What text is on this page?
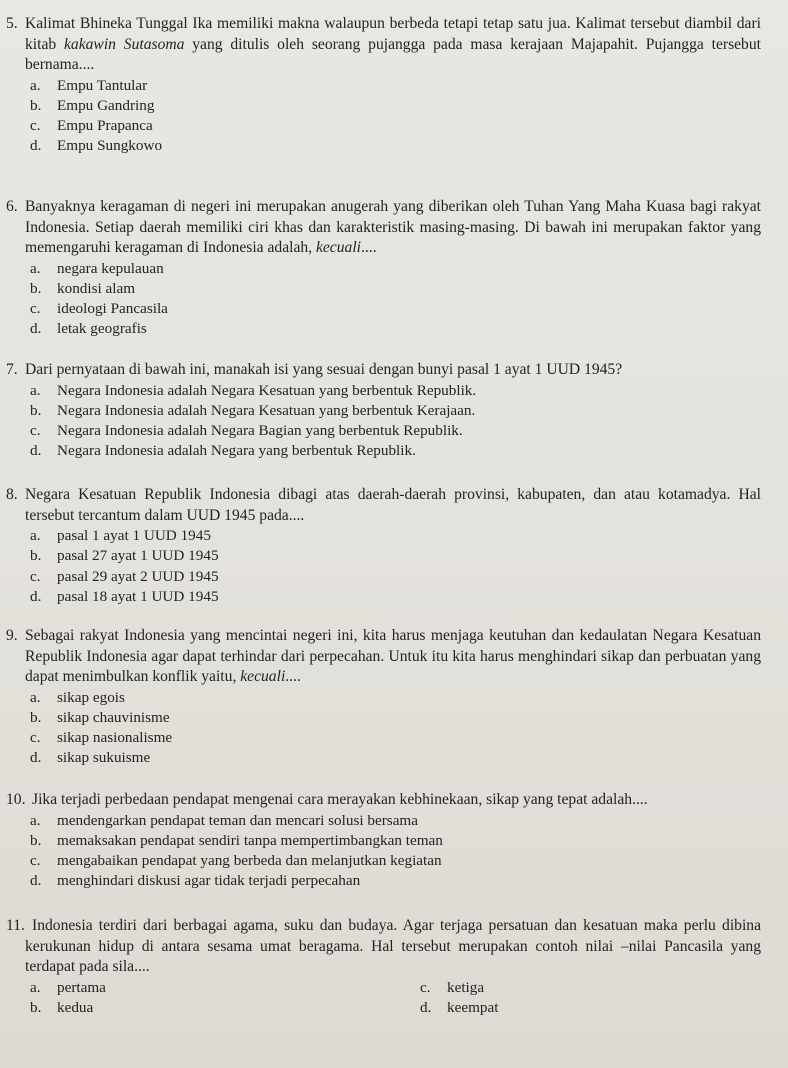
5. Kalimat Bhineka Tunggal Ika memiliki makna walaupun berbeda tetapi tetap satu jua. Kalimat tersebut diambil dari kitab kakawin Sutasoma yang ditulis oleh seorang pujangga pada masa kerajaan Majapahit. Pujangga tersebut bernama....

a. Empu Tantular

b. Empu Gandring

c. Empu Prapanca

d. Empu Sungkowo

6. Banyaknya keragaman di negeri ini merupakan anugerah yang diberikan oleh Tuhan Yang Maha Kuasa bagi rakyat Indonesia. Setiap daerah memiliki ciri khas dan karakteristik masing-masing. Di bawah ini merupakan faktor yang memengaruhi keragaman di Indonesia adalah, kecuali....

a. negara kepulauan

b. kondisi alam

c. ideologi Pancasila

d. letak geografis

7. Dari pernyataan di bawah ini, manakah isi yang sesuai dengan bunyi pasal 1 ayat 1 UUD 1945?

a. Negara Indonesia adalah Negara Kesatuan yang berbentuk Republik.

b. Negara Indonesia adalah Negara Kesatuan yang berbentuk Kerajaan.

c. Negara Indonesia adalah Negara Bagian yang berbentuk Republik.

d. Negara Indonesia adalah Negara yang berbentuk Republik.

8. Negara Kesatuan Republik Indonesia dibagi atas daerah-daerah provinsi, kabupaten, dan atau kotamadya. Hal tersebut tercantum dalam UUD 1945 pada....

a. pasal 1 ayat 1 UUD 1945

b. pasal 27 ayat 1 UUD 1945

c. pasal 29 ayat 2 UUD 1945

d. pasal 18 ayat 1 UUD 1945

9. Sebagai rakyat Indonesia yang mencintai negeri ini, kita harus menjaga keutuhan dan kedaulatan Negara Kesatuan Republik Indonesia agar dapat terhindar dari perpecahan. Untuk itu kita harus menghindari sikap dan perbuatan yang dapat menimbulkan konflik yaitu, kecuali....

a. sikap egois

b. sikap chauvinisme

c. sikap nasionalisme

d. sikap sukuisme

10. Jika terjadi perbedaan pendapat mengenai cara merayakan kebhinekaan, sikap yang tepat adalah....

a. mendengarkan pendapat teman dan mencari solusi bersama

b. memaksakan pendapat sendiri tanpa mempertimbangkan teman

c. mengabaikan pendapat yang berbeda dan melanjutkan kegiatan

d. menghindari diskusi agar tidak terjadi perpecahan

11. Indonesia terdiri dari berbagai agama, suku dan budaya. Agar terjaga persatuan dan kesatuan maka perlu dibina kerukunan hidup di antara sesama umat beragama. Hal tersebut merupakan contoh nilai –nilai Pancasila yang terdapat pada sila....

a. pertama

b. kedua

c. ketiga

d. keempat
